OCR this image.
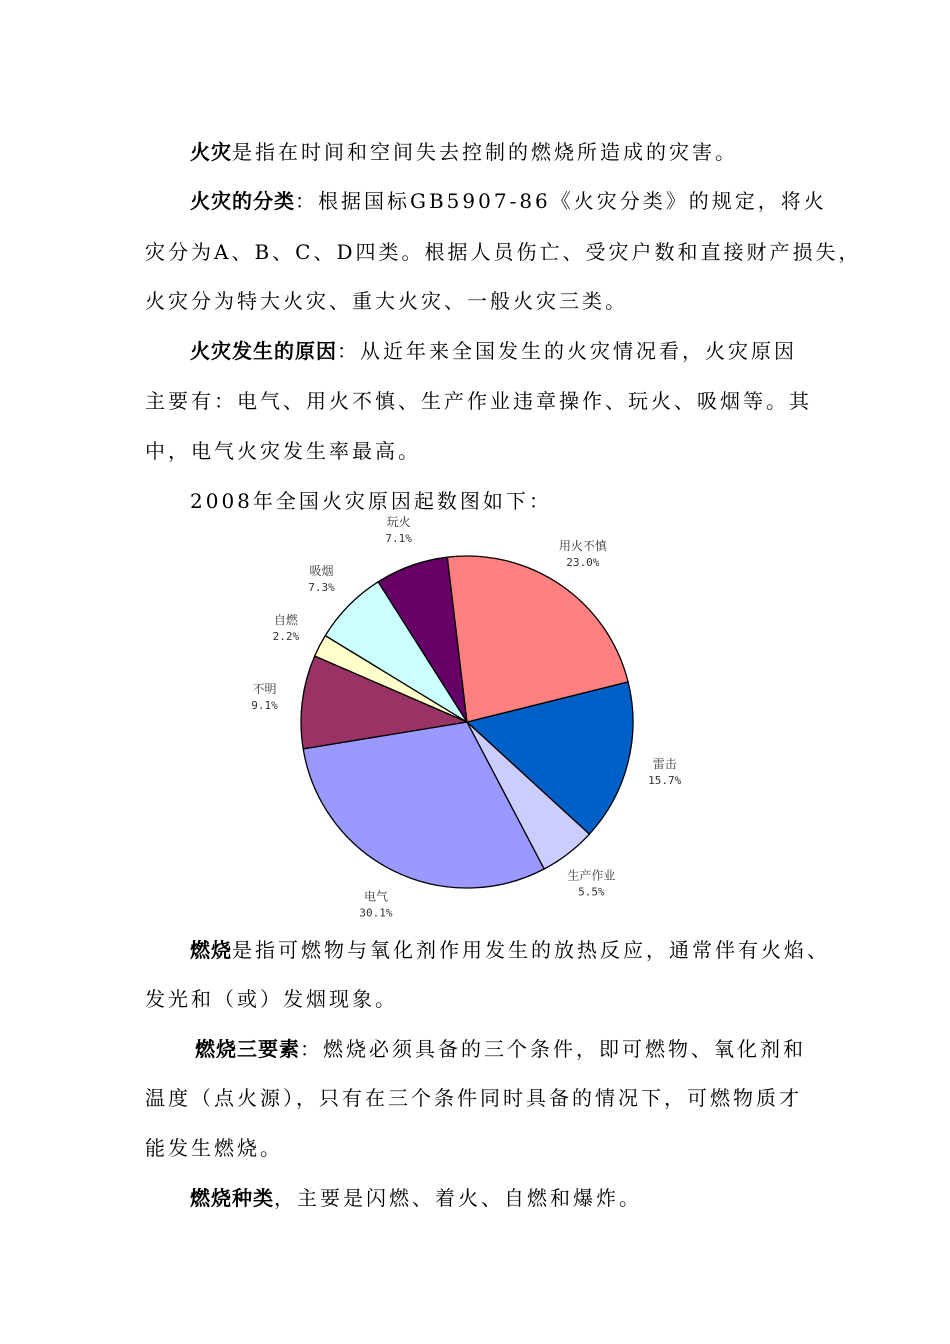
火灾是指在时间和空间失去控制的燃烧所造成的灾害。
火灾的分类：根据国标GB5907-86《火灾分类》的规定，将火
灾分为A、B、C、D四类。根据人员伤亡、受灾户数和直接财产损失，
火灾分为特大火灾、重大火灾、一般火灾三类。
火灾发生的原因：从近年来全国发生的火灾情况看，火灾原因
主要有：电气、用火不慎、生产作业违章操作、玩火、吸烟等。其
中，电气火灾发生率最高。
2008年全国火灾原因起数图如下：
雷击
15.7%
生产作业
5.5%
电气
30.1%
不明
9.1%
自燃
2.2%
吸烟
7.3%
玩火
7.1%
用火不慎
23.0%
燃烧是指可燃物与氧化剂作用发生的放热反应，通常伴有火焰、
发光和（或）发烟现象。
燃烧三要素：燃烧必须具备的三个条件，即可燃物、氧化剂和
温度（点火源），只有在三个条件同时具备的情况下，可燃物质才
能发生燃烧。
燃烧种类，主要是闪燃、着火、自燃和爆炸。
